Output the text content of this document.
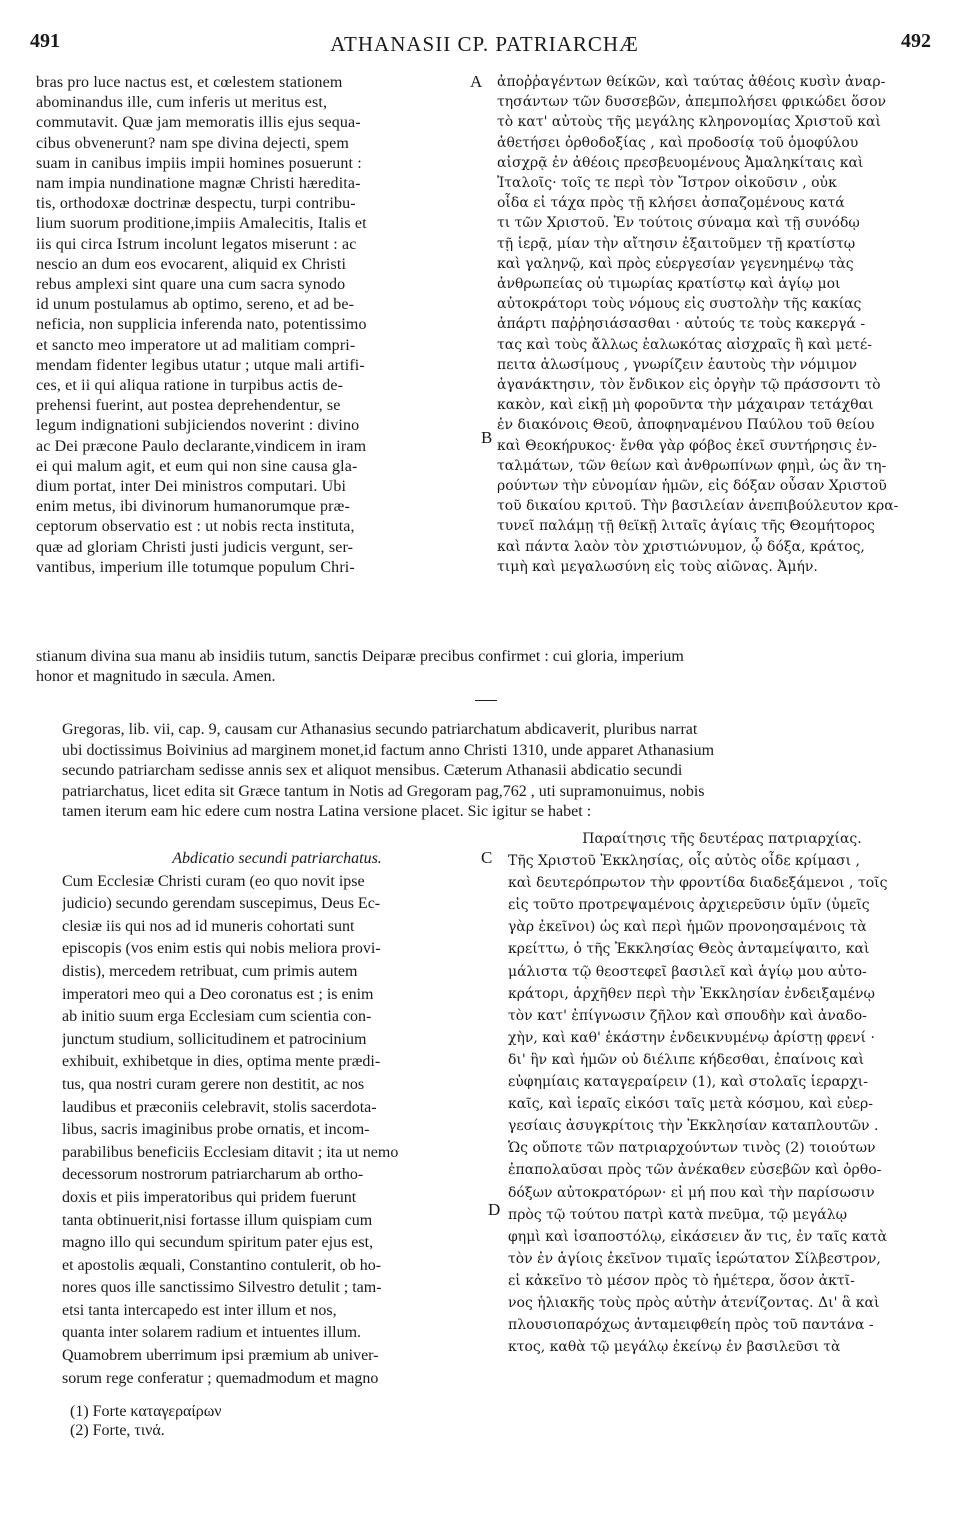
491	ATHANASII CP. PATRIARCHÆ	492
bras pro luce nactus est, et cœlestem stationem
abominandus ille, cum inferis ut meritus est,
commutavit. Quæ jam memoratis illis ejus sequa-
cibus obvenerunt? nam spe divina dejecti, spem
suam in canibus impiis impii homines posuerunt :
nam impia nundinatione magnæ Christi hæredita-
tis, orthodoxæ doctrinæ despectu, turpi contribu-
lium suorum proditione,impiis Amalecitis, Italis et
iis qui circa Istrum incolunt legatos miserunt : ac
nescio an dum eos evocarent, aliquid ex Christi
rebus amplexi sint quare una cum sacra synodo
id unum postulamus ab optimo, sereno, et ad be-
neficia, non supplicia inferenda nato, potentissimo
et sancto meo imperatore ut ad malitiam compri-
mendam fidenter legibus utatur ; utque mali artifi-
ces, et ii qui aliqua ratione in turpibus actis de-
prehensi fuerint, aut postea deprehendentur, se
legum indignationi subjiciendos noverint : divino
ac Dei præcone Paulo declarante,vindicem in iram
ei qui malum agit, et eum qui non sine causa gla-
dium portat, inter Dei ministros computari. Ubi
enim metus, ibi divinorum humanorumque præ-
ceptorum observatio est : ut nobis recta instituta,
quæ ad gloriam Christi justi judicis vergunt, ser-
vantibus, imperium ille totumque populum Chri-
ἀποῤῥαγέντων θείκῶν, καὶ ταύτας ἀθέοις κυσὶν ἀναρ-
τησάντων τῶν δυσσεβῶν, ἀπεμπολήσει φρικώδει ὅσον
τὸ κατ' αὐτοὺς τῆς μεγάλης κληρονομίας Χριστοῦ καὶ
ἀθετήσει ὀρθοδοξίας , καὶ προδοσίᾳ τοῦ ὁμοφύλου
αἰσχρᾷ ἐν ἀθέοις πρεσβευομένους Ἀμαληκίταις καὶ
Ἰταλοῖς· τοῖς τε περὶ τὸν Ἴστρον οἰκοῦσιν , οὐκ
οἶδα εἰ τάχα πρὸς τῇ κλήσει ἀσπαζομένους κατά
τι τῶν Χριστοῦ. Ἐν τούτοις σύναμα καὶ τῇ συνόδῳ
τῇ ἱερᾷ, μίαν τὴν αἴτησιν ἐξαιτοῦμεν τῇ κρατίστῳ
καὶ γαληνῷ, καὶ πρὸς εὐεργεσίαν γεγενημένῳ τὰς
ἀνθρωπείας οὐ τιμωρίας κρατίστῳ καὶ ἁγίῳ μοι
αὐτοκράτορι τοὺς νόμους εἰς συστολὴν τῆς κακίας
ἀπάρτι παῤῥησιάσασθαι · αὐτούς τε τοὺς κακεργά -
τας καὶ τοὺς ἄλλως ἑαλωκότας αἰσχραῖς ἢ καὶ μετέ-
πειτα ἁλωσίμους , γνωρίζειν ἑαυτοὺς τὴν νόμιμον
ἀγανάκτησιν, τὸν ἔνδικον εἰς ὀργὴν τῷ πράσσοντι τὸ
κακὸν, καὶ εἰκῇ μὴ φοροῦντα τὴν μάχαιραν τετάχθαι
ἐν διακόνοις Θεοῦ, ἀποφηναμένου Παύλου τοῦ θείου
καὶ Θεοκήρυκος· ἔνθα γὰρ φόβος ἐκεῖ συντήρησις ἐν-
ταλμάτων, τῶν θείων καὶ ἀνθρωπίνων φημὶ, ὡς ἂν τη-
ρούντων τὴν εὐνομίαν ἡμῶν, εἰς δόξαν οὖσαν Χριστοῦ
τοῦ δικαίου κριτοῦ. Τὴν βασιλείαν ἀνεπιβούλευτον κρα-
τυνεῖ παλάμῃ τῇ θεϊκῇ λιταῖς ἁγίαις τῆς Θεομήτορος
καὶ πάντα λαὸν τὸν χριστιώνυμον, ᾧ δόξα, κράτος,
τιμὴ καὶ μεγαλωσύνη εἰς τοὺς αἰῶνας. Ἀμήν.
A
B
stianum divina sua manu ab insidiis tutum, sanctis Deiparæ precibus confirmet : cui gloria, imperium
honor et magnitudo in sæcula. Amen.
Gregoras, lib. vii, cap. 9, causam cur Athanasius secundo patriarchatum abdicaverit, pluribus narrat
ubi doctissimus Boivinius ad marginem monet,id factum anno Christi 1310, unde apparet Athanasium
secundo patriarcham sedisse annis sex et aliquot mensibus. Cæterum Athanasii abdicatio secundi
patriarchatus, licet edita sit Græce tantum in Notis ad Gregoram pag,762 , uti supramonuimus, nobis
tamen iterum eam hic edere cum nostra Latina versione placet. Sic igitur se habet :
Abdicatio secundi patriarchatus.
Cum Ecclesiæ Christi curam (eo quo novit ipse
judicio) secundo gerendam suscepimus, Deus Ec-
clesiæ iis qui nos ad id muneris cohortati sunt
episcopis (vos enim estis qui nobis meliora provi-
distis), mercedem retribuat, cum primis autem
imperatori meo qui a Deo coronatus est ; is enim
ab initio suum erga Ecclesiam cum scientia con-
junctum studium, sollicitudinem et patrocinium
exhibuit, exhibetque in dies, optima mente prædi-
tus, qua nostri curam gerere non destitit, ac nos
laudibus et præconiis celebravit, stolis sacerdota-
libus, sacris imaginibus probe ornatis, et incom-
parabilibus beneficiis Ecclesiam ditavit ; ita ut nemo
decessorum nostrorum patriarcharum ab ortho-
doxis et piis imperatoribus qui pridem fuerunt
tanta obtinuerit,nisi fortasse illum quispiam cum
magno illo qui secundum spiritum pater ejus est,
et apostolis æquali, Constantino contulerit, ob ho-
nores quos ille sanctissimo Silvestro detulit ; tam-
etsi tanta intercapedo est inter illum et nos,
quanta inter solarem radium et intuentes illum.
Quamobrem uberrimum ipsi præmium ab univer-
sorum rege conferatur ; quemadmodum et magno
Παραίτησις τῆς δευτέρας πατριαρχίας.
Τῆς Χριστοῦ Ἐκκλησίας, οἷς αὐτὸς οἶδε κρίμασι ,
καὶ δευτερόπρωτον τὴν φροντίδα διαδεξάμενοι , τοῖς
εἰς τοῦτο προτρεψαμένοις ἀρχιερεῦσιν ὑμῖν (ὑμεῖς
γὰρ ἐκεῖνοι) ὡς καὶ περὶ ἡμῶν προνοησαμένοις τὰ
κρείττω, ὁ τῆς Ἐκκλησίας Θεὸς ἀνταμείψαιτο, καὶ
μάλιστα τῷ θεοστεφεῖ βασιλεῖ καὶ ἁγίῳ μου αὐτο-
κράτορι, ἀρχῆθεν περὶ τὴν Ἐκκλησίαν ἐνδειξαμένῳ
τὸν κατ' ἐπίγνωσιν ζῆλον καὶ σπουδὴν καὶ ἀναδο-
χὴν, καὶ καθ' ἑκάστην ἐνδεικνυμένῳ ἀρίστῃ φρενί ·
δι' ἣν καὶ ἡμῶν οὐ διέλιπε κήδεσθαι, ἐπαίνοις καὶ
εὐφημίαις καταγεραίρειν (1), καὶ στολαῖς ἱεραρχι-
καῖς, καὶ ἱεραῖς εἰκόσι ταῖς μετὰ κόσμου, καὶ εὐερ-
γεσίαις ἀσυγκρίτοις τὴν Ἐκκλησίαν καταπλουτῶν .
Ὡς οὔποτε τῶν πατριαρχούντων τινὸς (2) τοιούτων
ἐπαπολαῦσαι πρὸς τῶν ἀνέκαθεν εὐσεβῶν καὶ ὀρθο-
δόξων αὐτοκρατόρων· εἰ μή που καὶ τὴν παρίσωσιν
πρὸς τῷ τούτου πατρὶ κατὰ πνεῦμα, τῷ μεγάλῳ
φημὶ καὶ ἰσαποστόλῳ, εἰκάσειεν ἄν τις, ἐν ταῖς κατὰ
τὸν ἐν ἁγίοις ἐκεῖνον τιμαῖς ἱερώτατον Σίλβεστρον,
εἰ κἀκεῖνο τὸ μέσον πρὸς τὸ ἡμέτερα, ὅσον ἀκτῖ-
νος ἡλιακῆς τοὺς πρὸς αὐτὴν ἀτενίζοντας. Δι' ἃ καὶ
πλουσιοπαρόχως ἀνταμειφθείη πρὸς τοῦ παντάνα -
κτος, καθὰ τῷ μεγάλῳ ἐκείνῳ ἐν βασιλεῦσι τὰ
C
D
(1) Forte καταγεραίρων
(2) Forte, τινά.
